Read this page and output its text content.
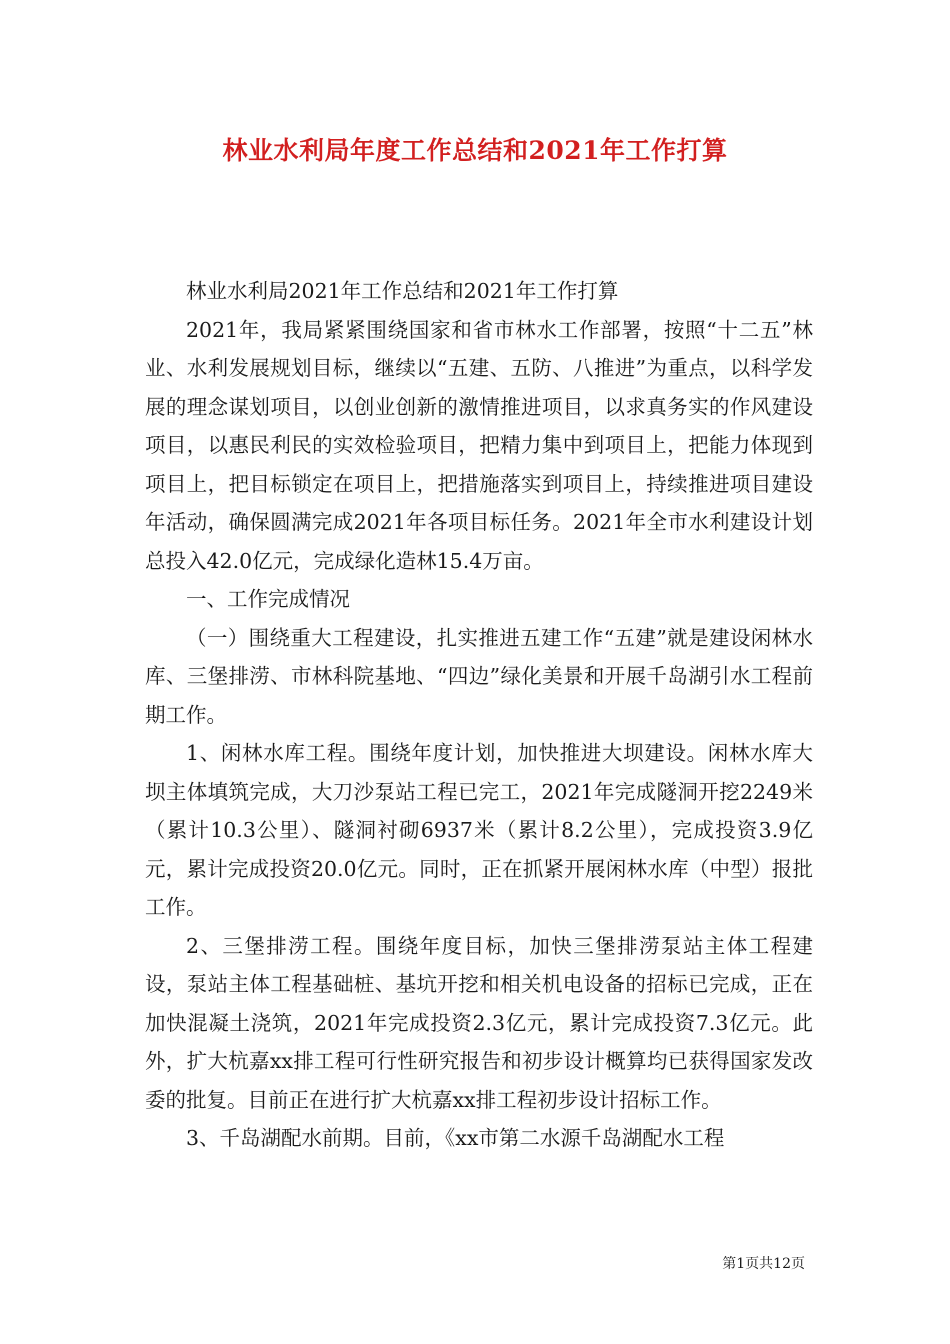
林业水利局年度工作总结和2021年工作打算

林业水利局2021年工作总结和2021年工作打算

2021年，我局紧紧围绕国家和省市林水工作部署，按照“十二五”林业、水利发展规划目标，继续以“五建、五防、八推进”为重点，以科学发展的理念谋划项目，以创业创新的激情推进项目，以求真务实的作风建设项目，以惠民利民的实效检验项目，把精力集中到项目上，把能力体现到项目上，把目标锁定在项目上，把措施落实到项目上，持续推进项目建设年活动，确保圆满完成2021年各项目标任务。2021年全市水利建设计划总投入42.0亿元，完成绿化造林15.4万亩。

一、工作完成情况

（一）围绕重大工程建设，扎实推进五建工作“五建”就是建设闲林水库、三堡排涝、市林科院基地、“四边”绿化美景和开展千岛湖引水工程前期工作。

1、闲林水库工程。围绕年度计划，加快推进大坝建设。闲林水库大坝主体填筑完成，大刀沙泵站工程已完工，2021年完成隧洞开挖2249米（累计10.3公里）、隧洞衬砌6937米（累计8.2公里），完成投资3.9亿元，累计完成投资20.0亿元。同时，正在抓紧开展闲林水库（中型）报批工作。

2、三堡排涝工程。围绕年度目标，加快三堡排涝泵站主体工程建设，泵站主体工程基础桩、基坑开挖和相关机电设备的招标已完成，正在加快混凝土浇筑，2021年完成投资2.3亿元，累计完成投资7.3亿元。此外，扩大杭嘉xx排工程可行性研究报告和初步设计概算均已获得国家发改委的批复。目前正在进行扩大杭嘉xx排工程初步设计招标工作。

3、千岛湖配水前期。目前，《xx市第二水源千岛湖配水工程

第1页共12页
